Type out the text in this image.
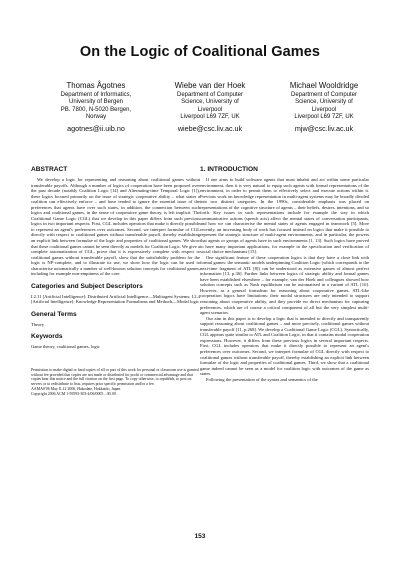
On the Logic of Coalitional Games
Thomas Ågotnes
Department of Informatics,
University of Bergen
PB. 7800, N-5020 Bergen,
Norway
agotnes@ii.uib.no
Wiebe van der Hoek
Department of Computer
Science, University of
Liverpool
Liverpool L69 7ZF, UK
wiebe@csc.liv.ac.uk
Michael Wooldridge
Department of Computer
Science, University of
Liverpool
Liverpool L69 7ZF, UK
mjw@csc.liv.ac.uk
ABSTRACT

We develop a logic for representing and reasoning about coalitional games without transferable payoffs. Although a number of logics of cooperation have been proposed over the past decade (notably Coalition Logic [14] and Alternating-time Temporal Logic [1]), these logics focused primarily on the issue of strategic cooperative ability – what states a coalition can effectively enforce – and have tended to ignore the essential issue of the preferences that agents have over such states, in addition, the connection between such logics and coalitional games, in the sense of cooperative game theory, is left implicit. The Coalitional Game Logic (CGL) that we develop in this paper differs from such previous logics in two important respects. First, CGL includes operators that make it directly possible to represent an agent's preferences over outcomes. Second, we interpret formulae of CGL directly with respect to coalitional games without transferable payoff, thereby establishing an explicit link between formulae of the logic and properties of coalitional games. We show that these coalitional games cannot be seen directly as models for Coalition Logic. We give a complete axiomatization of CGL, prove that it is expressively complete with respect to coalitional games without transferable payoff, show that the satisfiability problem for the logic is NP-complete, and to illustrate its use, we show how the logic can be used to characterise axiomatically a number of well-known solution concepts for coalitional games, including for example non-emptiness of the core.

Categories and Subject Descriptors

I.2.11 [Artificial Intelligence]: Distributed Artificial Intelligence—Multiagent Systems; I.2.4 [Artificial Intelligence]: Knowledge Representation Formalisms and Methods—Modal logic

General Terms

Theory

Keywords

Game theory, coalitional games, logic

Permission to make digital or hard copies of all or part of this work for personal or classroom use is granted without fee provided that copies are not made or distributed for profit or commercial advantage and that copies bear this notice and the full citation on the first page. To copy otherwise, to republish, to post on servers or to redistribute to lists, requires prior specific permission and/or a fee.

AAMAS'06 May 8–12 2006, Hakodate, Hokkaido, Japan.

Copyright 2006 ACM 1-59593-303-4/06/0005 ...$5.00.

1. INTRODUCTION

If one aims to build software agents that must inhabit and act within some particular environment, then it is very natural to equip such agents with formal representations of the environment, in order to permit them to effectively select and execute actions within it. Previous work on knowledge representation in multi-agent systems may be broadly divided into two distinct categories. In the 1990s, considerable emphasis was placed on representations of the cognitive structure of agents – their beliefs, desires, intentions, and so forth. Key issues in such representations include for example the way in which communicative actions (speech acts) affect the mental states of conversation participants, and how we can characterise the mental states of agents engaged in teamwork [5]. More recently, an increasing body of work has focused instead on logics that make it possible to represent the strategic structure of multi-agent environments, and in particular, the powers that agents or groups of agents have in such environments [1, 13]. Such logics have proved to have many important applications, for example in the specification and verification of social choice mechanisms [15].

One significant feature of these cooperation logics is that they have a close link with formal games: the semantic models underpinning Coalition Logic (which corresponds to the next-time fragment of ATL [8]) can be understood as extensive games of almost perfect information [13, p.36]. Further links between logics of strategic ability and formal games have been established elsewhere – for example, van der Hoek and colleagues showed how solution concepts such as Nash equilibrium can be axiomatised in a variant of ATL [16]. However, as a general formalism for reasoning about cooperative games, ATL-like cooperation logics have limitations: their modal structures are only intended to support reasoning about cooperative ability, and they provide no direct mechanism for capturing preferences, which are of course a critical component of all but the very simplest multi-agent scenarios.

Our aim in this paper is to develop a logic that is intended to directly and transparently support reasoning about coalitional games – and more precisely, coalitional games without transferable payoff [11, p.268]. We develop a Coalitional Game Logic (CGL). Syntactically, CGL appears quite similar to ATL and Coalition Logic, in that it contains modal cooperation expressions. However, it differs from these previous logics in several important respects. First, CGL includes operators that make it directly possible to represent an agent's preferences over outcomes. Second, we interpret formulae of CGL directly with respect to coalitional games without transferable payoff, thereby establishing an explicit link between formulae of the logic and properties of coalitional games. Third, we show that a coalitional game indeed cannot be seen as a model for coalition logic with outcomes of the game as states.

Following the presentation of the syntax and semantics of the

153
